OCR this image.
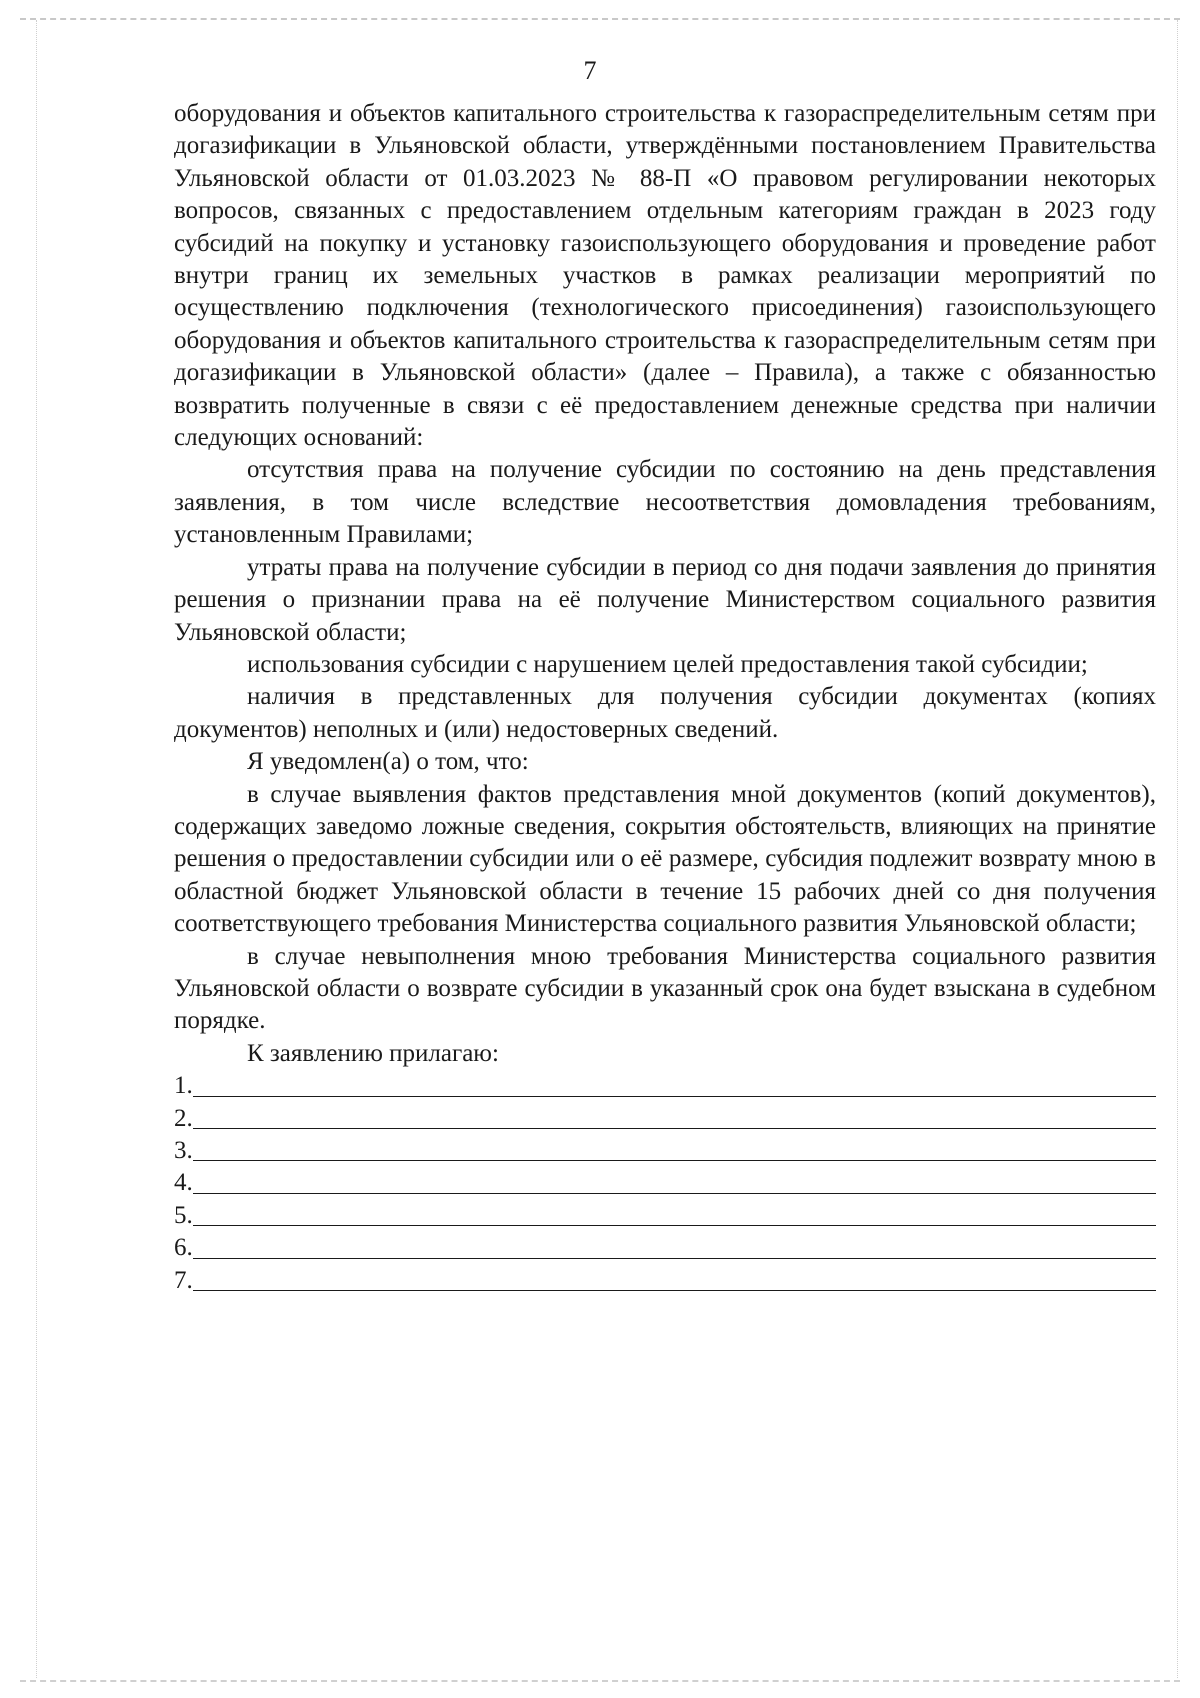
7

оборудования и объектов капитального строительства к газораспределительным сетям при догазификации в Ульяновской области, утверждёнными постановлением Правительства Ульяновской области от 01.03.2023 № 88-П «О правовом регулировании некоторых вопросов, связанных с предоставлением отдельным категориям граждан в 2023 году субсидий на покупку и установку газоиспользующего оборудования и проведение работ внутри границ их земельных участков в рамках реализации мероприятий по осуществлению подключения (технологического присоединения) газоиспользующего оборудования и объектов капитального строительства к газораспределительным сетям при догазификации в Ульяновской области» (далее – Правила), а также с обязанностью возвратить полученные в связи с её предоставлением денежные средства при наличии следующих оснований:

отсутствия права на получение субсидии по состоянию на день представления заявления, в том числе вследствие несоответствия домовладения требованиям, установленным Правилами;

утраты права на получение субсидии в период со дня подачи заявления до принятия решения о признании права на её получение Министерством социального развития Ульяновской области;

использования субсидии с нарушением целей предоставления такой субсидии;

наличия в представленных для получения субсидии документах (копиях документов) неполных и (или) недостоверных сведений.

Я уведомлен(а) о том, что:

в случае выявления фактов представления мной документов (копий документов), содержащих заведомо ложные сведения, сокрытия обстоятельств, влияющих на принятие решения о предоставлении субсидии или о её размере, субсидия подлежит возврату мною в областной бюджет Ульяновской области в течение 15 рабочих дней со дня получения соответствующего требования Министерства социального развития Ульяновской области;

в случае невыполнения мною требования Министерства социального развития Ульяновской области о возврате субсидии в указанный срок она будет взыскана в судебном порядке.

К заявлению прилагаю:

1.
2.
3.
4.
5.
6.
7.
